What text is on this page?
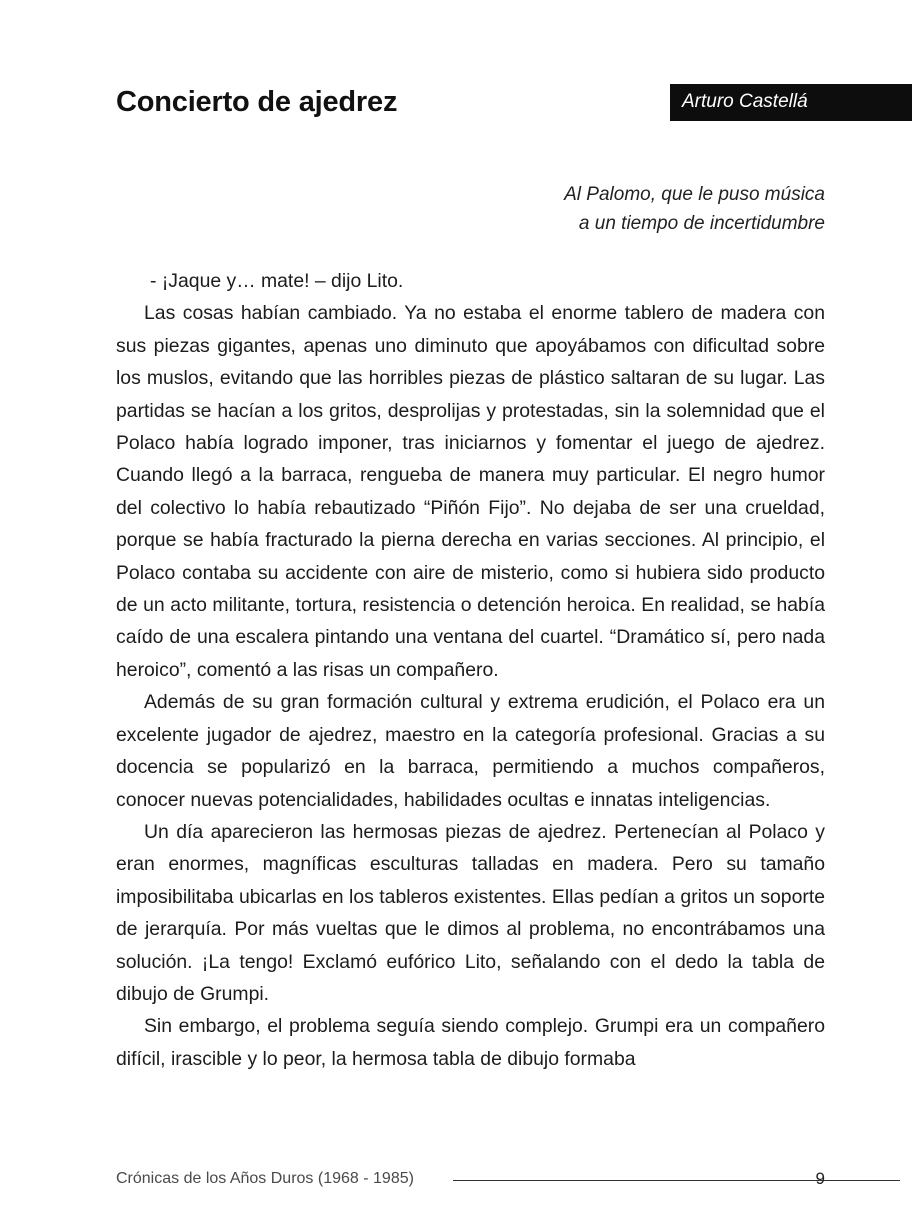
Concierto de ajedrez	Arturo Castellá
Al Palomo, que le puso música
a un tiempo de incertidumbre

- ¡Jaque y… mate! – dijo Lito.

Las cosas habían cambiado. Ya no estaba el enorme tablero de madera con sus piezas gigantes, apenas uno diminuto que apoyábamos con dificultad sobre los muslos, evitando que las horribles piezas de plástico saltaran de su lugar. Las partidas se hacían a los gritos, desprolijas y protestadas, sin la solemnidad que el Polaco había logrado imponer, tras iniciarnos y fomentar el juego de ajedrez. Cuando llegó a la barraca, rengueba de manera muy particular. El negro humor del colectivo lo había rebautizado “Piñón Fijo”. No dejaba de ser una crueldad, porque se había fracturado la pierna derecha en varias secciones. Al principio, el Polaco contaba su accidente con aire de misterio, como si hubiera sido producto de un acto militante, tortura, resistencia o detención heroica. En realidad, se había caído de una escalera pintando una ventana del cuartel. “Dramático sí, pero nada heroico”, comentó a las risas un compañero.

Además de su gran formación cultural y extrema erudición, el Polaco era un excelente jugador de ajedrez, maestro en la categoría profesional. Gracias a su docencia se popularizó en la barraca, permitiendo a muchos compañeros, conocer nuevas potencialidades, habilidades ocultas e innatas inteligencias.

Un día aparecieron las hermosas piezas de ajedrez. Pertenecían al Polaco y eran enormes, magníficas esculturas talladas en madera. Pero su tamaño imposibilitaba ubicarlas en los tableros existentes. Ellas pedían a gritos un soporte de jerarquía. Por más vueltas que le dimos al problema, no encontrábamos una solución. ¡La tengo! Exclamó eufórico Lito, señalando con el dedo la tabla de dibujo de Grumpi.

Sin embargo, el problema seguía siendo complejo. Grumpi era un compañero difícil, irascible y lo peor, la hermosa tabla de dibujo formaba

Crónicas de los Años Duros (1968 - 1985)	9
